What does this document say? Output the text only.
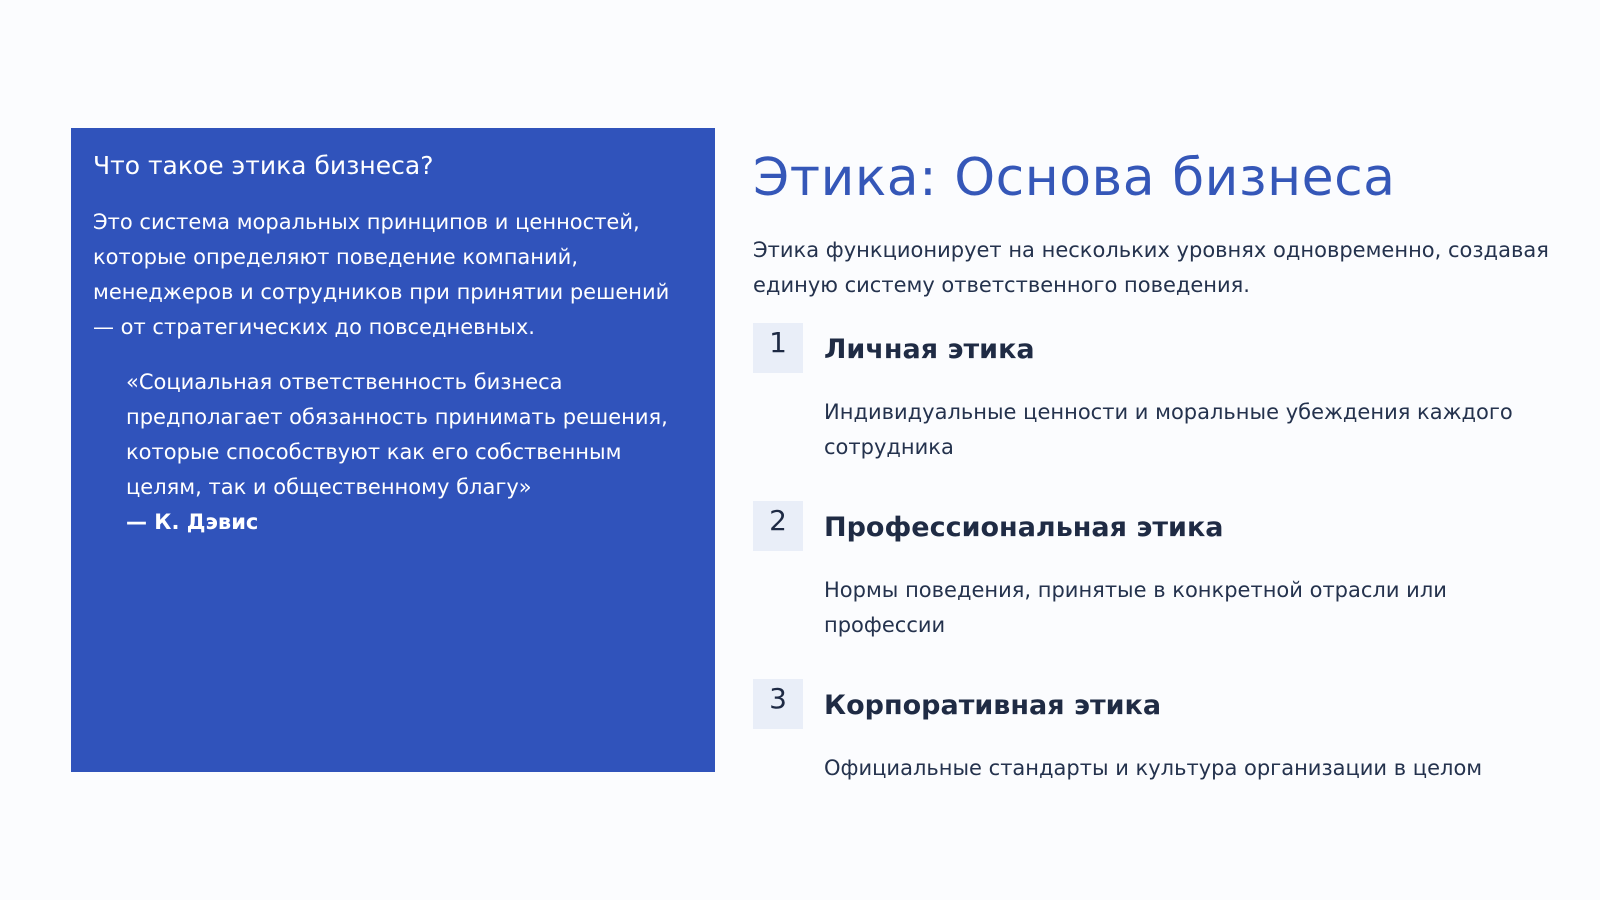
Что такое этика бизнеса?

Это система моральных принципов и ценностей, которые определяют поведение компаний, менеджеров и сотрудников при принятии решений — от стратегических до повседневных.

«Социальная ответственность бизнеса предполагает обязанность принимать решения, которые способствуют как его собственным целям, так и общественному благу»
— К. Дэвис
Этика: Основа бизнеса

Этика функционирует на нескольких уровнях одновременно, создавая единую систему ответственного поведения.

1	Личная этика

Индивидуальные ценности и моральные убеждения каждого сотрудника

2	Профессиональная этика

Нормы поведения, принятые в конкретной отрасли или профессии

3	Корпоративная этика

Официальные стандарты и культура организации в целом
